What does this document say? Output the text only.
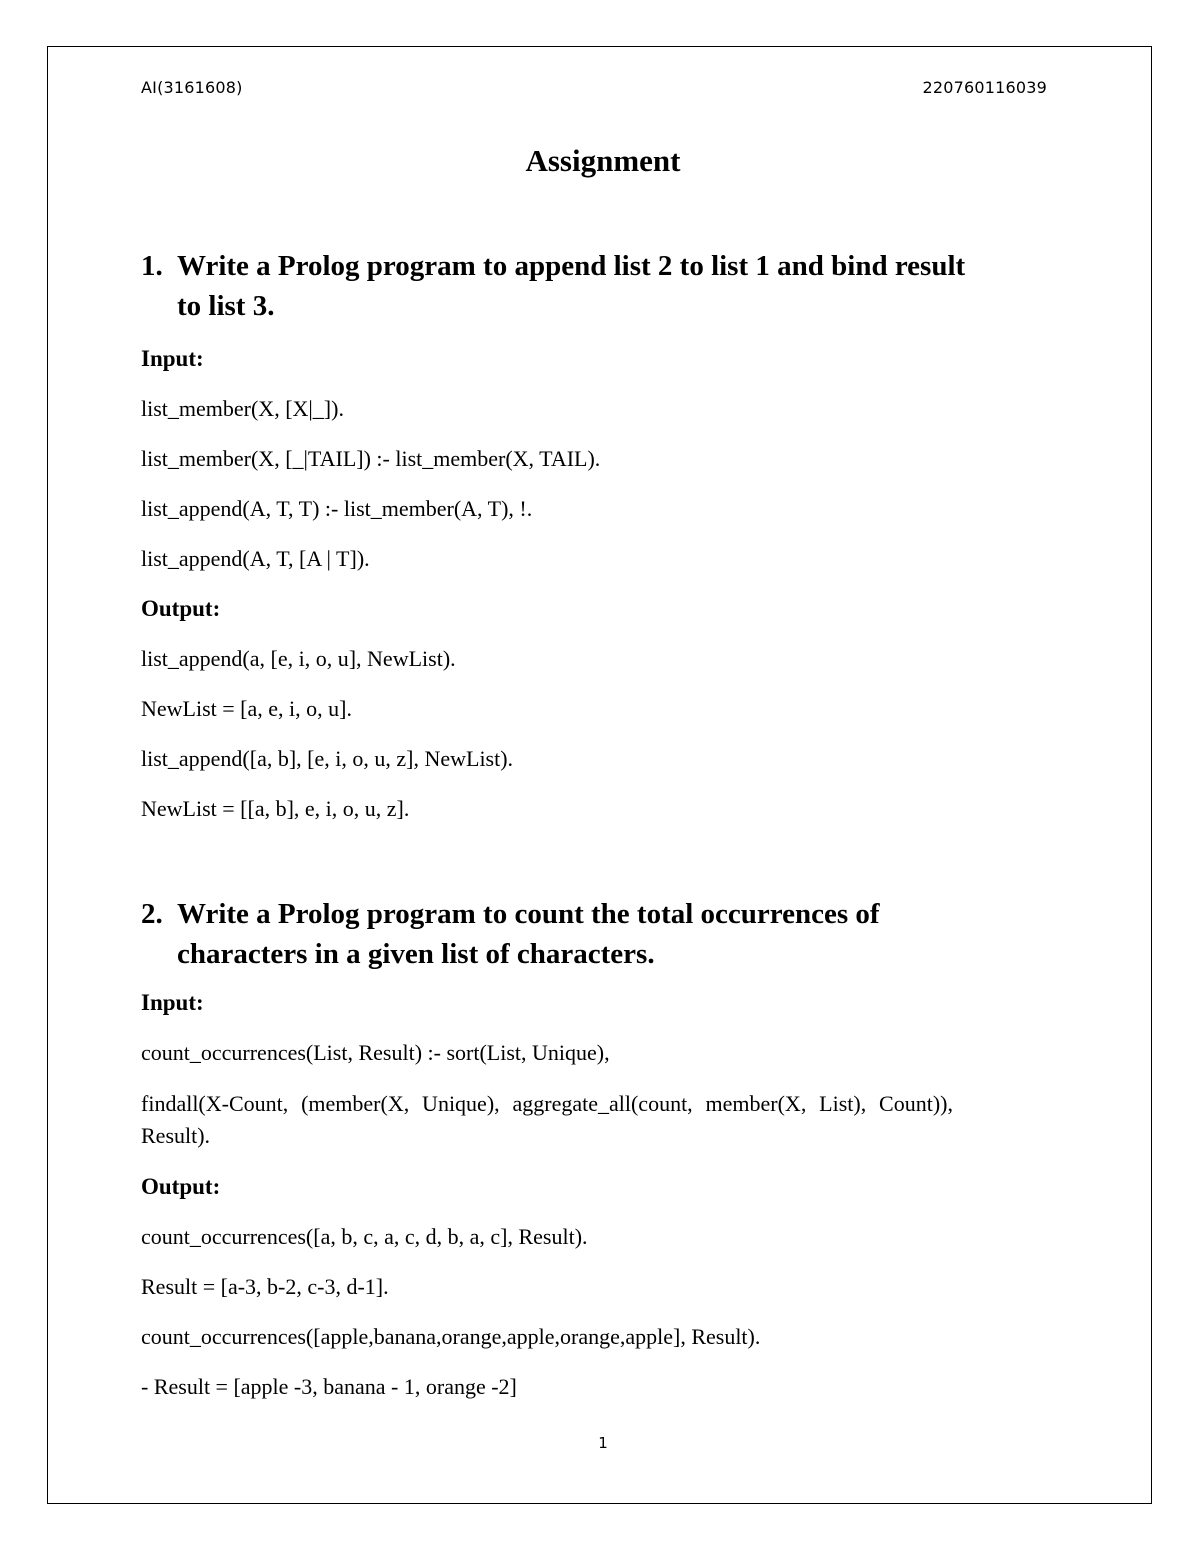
AI(3161608)	220760116039
Assignment
1. Write a Prolog program to append list 2 to list 1 and bind result to list 3.
Input:
list_member(X, [X|_]).
list_member(X, [_|TAIL]) :- list_member(X, TAIL).
list_append(A, T, T) :- list_member(A, T), !.
list_append(A, T, [A | T]).
Output:
list_append(a, [e, i, o, u], NewList).
NewList = [a, e, i, o, u].
list_append([a, b], [e, i, o, u, z], NewList).
NewList = [[a, b], e, i, o, u, z].
2. Write a Prolog program to count the total occurrences of characters in a given list of characters.
Input:
count_occurrences(List, Result) :- sort(List, Unique),
findall(X-Count, (member(X, Unique), aggregate_all(count, member(X, List), Count)), Result).
Output:
count_occurrences([a, b, c, a, c, d, b, a, c], Result).
Result = [a-3, b-2, c-3, d-1].
count_occurrences([apple,banana,orange,apple,orange,apple], Result).
- Result = [apple -3, banana - 1, orange -2]
1
